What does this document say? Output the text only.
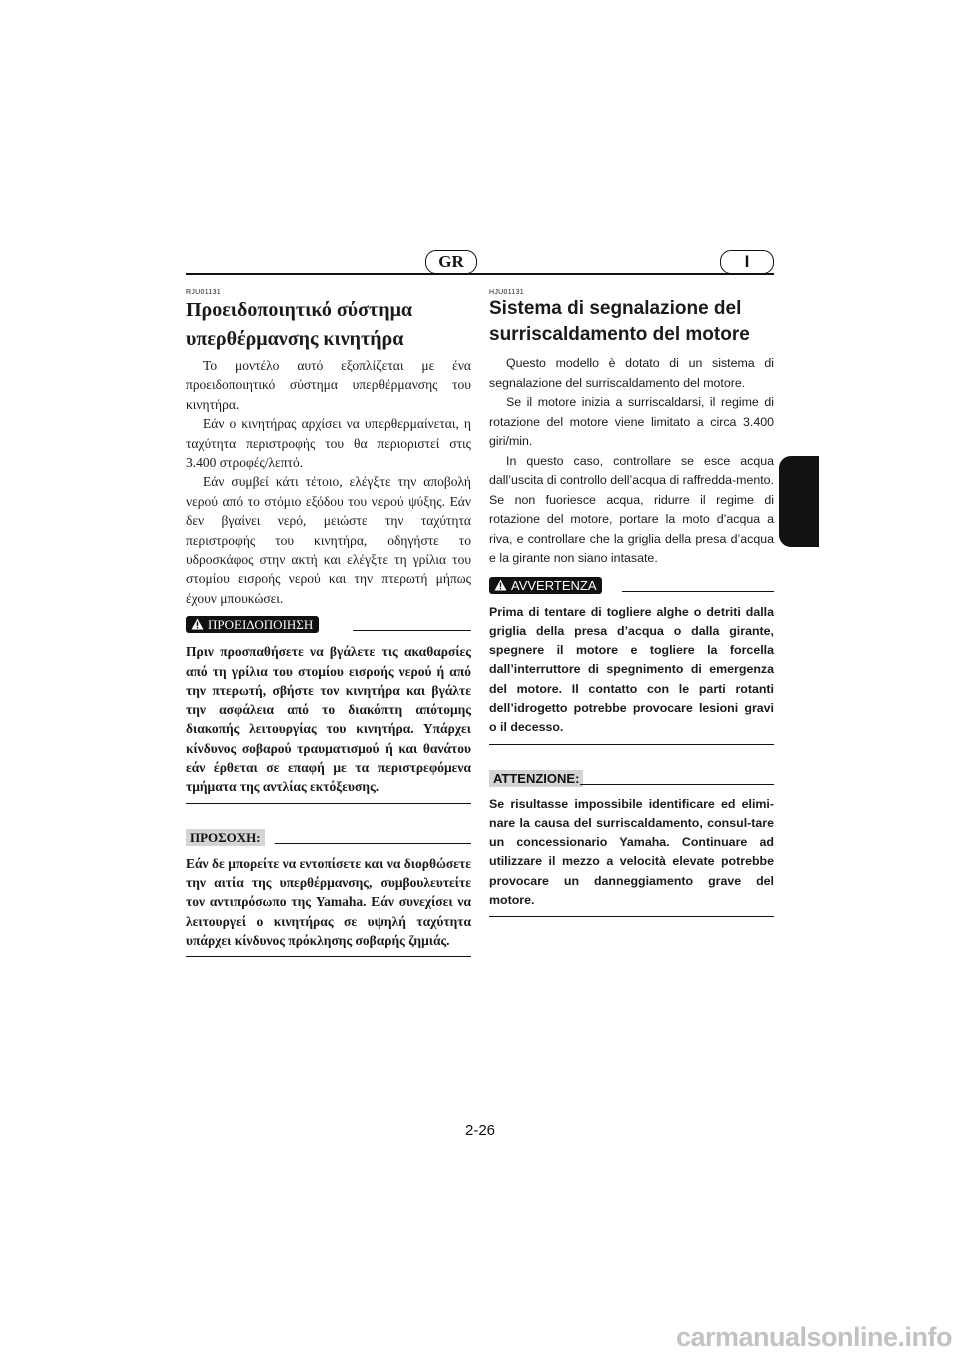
GR	I
RJU01131	HJU01131
Προειδοποιητικό σύστημα
υπερθέρμανσης κινητήρα

Το μοντέλο αυτό εξοπλίζεται με ένα προειδοποιητικό σύστημα υπερθέρμανσης του κινητήρα.

Εάν ο κινητήρας αρχίσει να υπερθερμαίνεται, η ταχύτητα περιστροφής του θα περιοριστεί στις 3.400 στροφές/λεπτό.

Εάν συμβεί κάτι τέτοιο, ελέγξτε την αποβολή νερού από το στόμιο εξόδου του νερού ψύξης. Εάν δεν βγαίνει νερό, μειώστε την ταχύτητα περιστροφής του κινητήρα, οδηγήστε το υδροσκάφος στην ακτή και ελέγξτε τη γρίλια του στομίου εισροής νερού και την πτερωτή μήπως έχουν μπουκώσει.

ΠΡΟΕΙΔΟΠΟΙΗΣΗ
Πριν προσπαθήσετε να βγάλετε τις ακαθαρσίες από τη γρίλια του στομίου εισροής νερού ή από την πτερωτή, σβήστε τον κινητήρα και βγάλτε την ασφάλεια από το διακόπτη απότομης διακοπής λειτουργίας του κινητήρα. Υπάρχει κίνδυνος σοβαρού τραυματισμού ή και θανάτου εάν έρθεται σε επαφή με τα περιστρεφόμενα τμήματα της αντλίας εκτόξευσης.
ΠΡΟΣΟΧΗ:
Εάν δε μπορείτε να εντοπίσετε και να διορθώσετε την αιτία της υπερθέρμανσης, συμβουλευτείτε τον αντιπρόσωπο της Yamaha. Εάν συνεχίσει να λειτουργεί ο κινητήρας σε υψηλή ταχύτητα υπάρχει κίνδυνος πρόκλησης σοβαρής ζημιάς.
Sistema di segnalazione del
surriscaldamento del motore

Questo modello è dotato di un sistema di segnalazione del surriscaldamento del motore.

Se il motore inizia a surriscaldarsi, il regime di rotazione del motore viene limitato a circa 3.400 giri/min.

In questo caso, controllare se esce acqua dall’uscita di controllo dell’acqua di raffredda-mento. Se non fuoriesce acqua, ridurre il regime di rotazione del motore, portare la moto d’acqua a riva, e controllare che la griglia della presa d’acqua e la girante non siano intasate.

AVVERTENZA
Prima di tentare di togliere alghe o detriti dalla griglia della presa d’acqua o dalla girante, spegnere il motore e togliere la forcella dall’interruttore di spegnimento di emergenza del motore. Il contatto con le parti rotanti dell’idrogetto potrebbe provocare lesioni gravi o il decesso.
ATTENZIONE:
Se risultasse impossibile identificare ed elimi-nare la causa del surriscaldamento, consul-tare un concessionario Yamaha. Continuare ad utilizzare il mezzo a velocità elevate potrebbe provocare un danneggiamento grave del motore.
2-26
carmanualsonline.info
